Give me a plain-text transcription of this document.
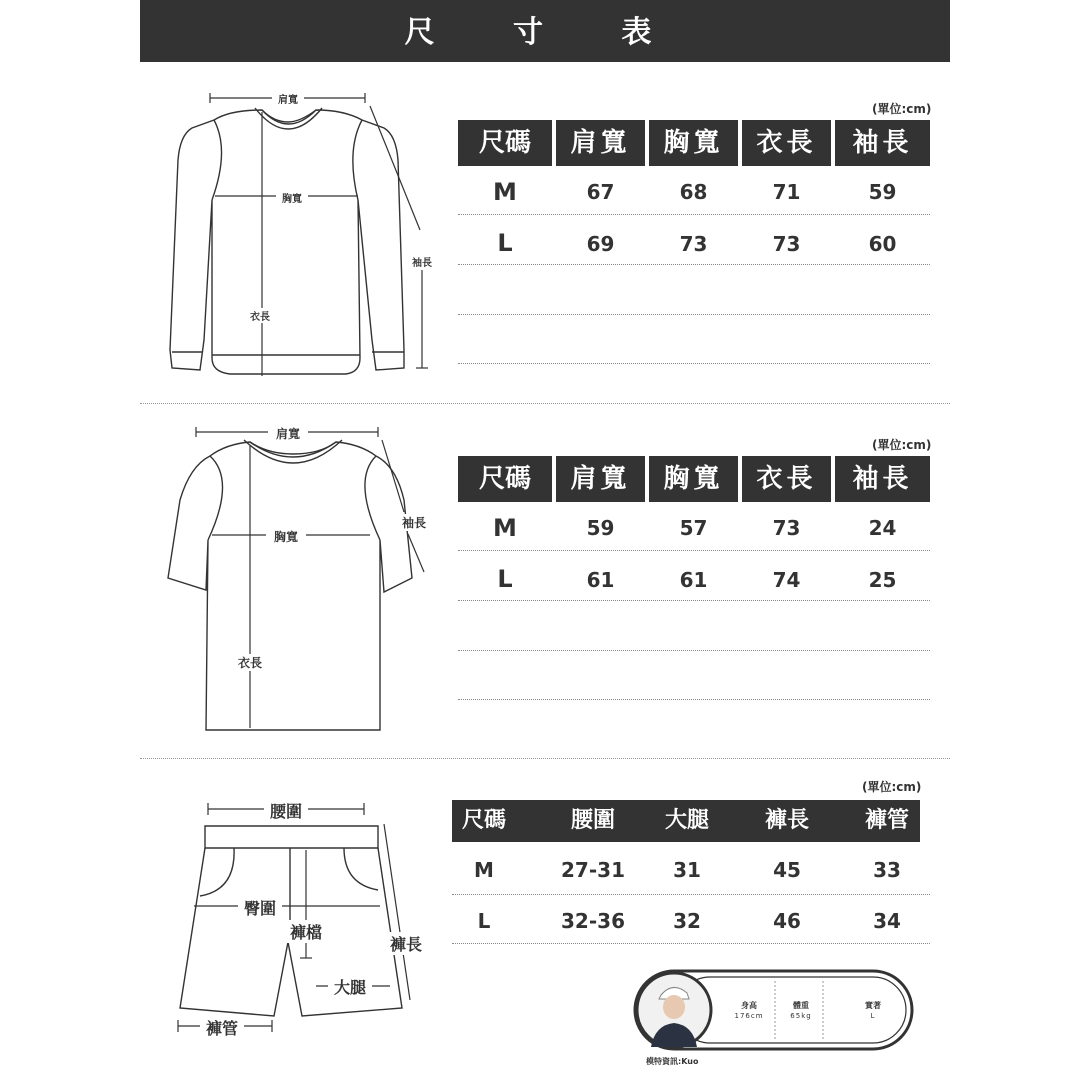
尺 寸 表
肩寬
胸寬
袖長
衣長
(單位:cm)
尺碼	肩寬	胸寬	衣長	袖長
M	67	68	71	59
L	69	73	73	60
肩寬
胸寬
袖長
衣長
(單位:cm)
尺碼	肩寬	胸寬	衣長	袖長
M	59	57	73	24
L	61	61	74	25
腰圍
臀圍
褲檔
大腿
褲長
褲管
(單位:cm)
尺碼	腰圍	大腿	褲長	褲管
M	27-31	31	45	33
L	32-36	32	46	34
身高
176cm
體重
65kg
實著
L
模特資訊:Kuo
